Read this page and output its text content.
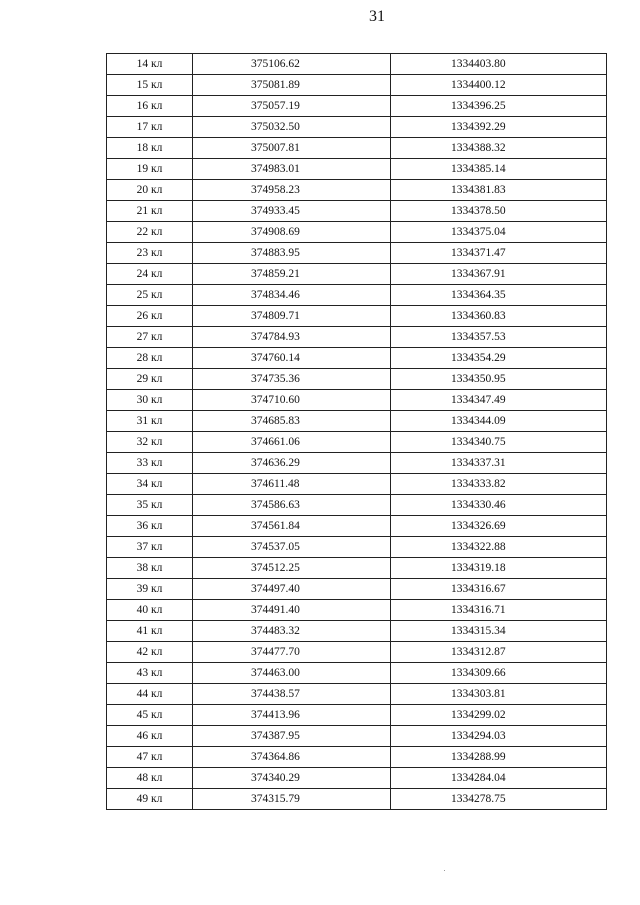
31
14 кл	375106.62	1334403.80
15 кл	375081.89	1334400.12
16 кл	375057.19	1334396.25
17 кл	375032.50	1334392.29
18 кл	375007.81	1334388.32
19 кл	374983.01	1334385.14
20 кл	374958.23	1334381.83
21 кл	374933.45	1334378.50
22 кл	374908.69	1334375.04
23 кл	374883.95	1334371.47
24 кл	374859.21	1334367.91
25 кл	374834.46	1334364.35
26 кл	374809.71	1334360.83
27 кл	374784.93	1334357.53
28 кл	374760.14	1334354.29
29 кл	374735.36	1334350.95
30 кл	374710.60	1334347.49
31 кл	374685.83	1334344.09
32 кл	374661.06	1334340.75
33 кл	374636.29	1334337.31
34 кл	374611.48	1334333.82
35 кл	374586.63	1334330.46
36 кл	374561.84	1334326.69
37 кл	374537.05	1334322.88
38 кл	374512.25	1334319.18
39 кл	374497.40	1334316.67
40 кл	374491.40	1334316.71
41 кл	374483.32	1334315.34
42 кл	374477.70	1334312.87
43 кл	374463.00	1334309.66
44 кл	374438.57	1334303.81
45 кл	374413.96	1334299.02
46 кл	374387.95	1334294.03
47 кл	374364.86	1334288.99
48 кл	374340.29	1334284.04
49 кл	374315.79	1334278.75
